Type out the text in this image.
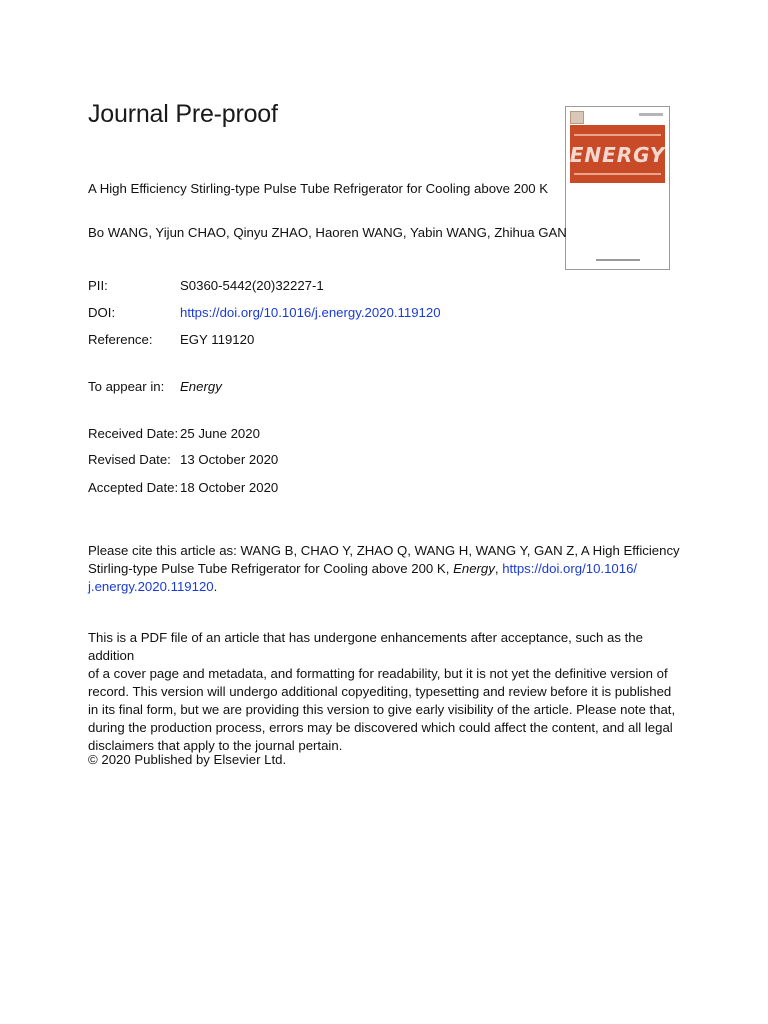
Journal Pre-proof
ENERGY
A High Efficiency Stirling-type Pulse Tube Refrigerator for Cooling above 200 K
Bo WANG, Yijun CHAO, Qinyu ZHAO, Haoren WANG, Yabin WANG, Zhihua GAN
PII:	S0360-5442(20)32227-1
DOI:	https://doi.org/10.1016/j.energy.2020.119120
Reference: EGY 119120
To appear in: Energy
Received Date: 25 June 2020
Revised Date: 13 October 2020
Accepted Date: 18 October 2020
Please cite this article as: WANG B, CHAO Y, ZHAO Q, WANG H, WANG Y, GAN Z, A High Efficiency
Stirling-type Pulse Tube Refrigerator for Cooling above 200 K, Energy, https://doi.org/10.1016/
j.energy.2020.119120.
This is a PDF file of an article that has undergone enhancements after acceptance, such as the addition
of a cover page and metadata, and formatting for readability, but it is not yet the definitive version of
record. This version will undergo additional copyediting, typesetting and review before it is published
in its final form, but we are providing this version to give early visibility of the article. Please note that,
during the production process, errors may be discovered which could affect the content, and all legal
disclaimers that apply to the journal pertain.
© 2020 Published by Elsevier Ltd.
